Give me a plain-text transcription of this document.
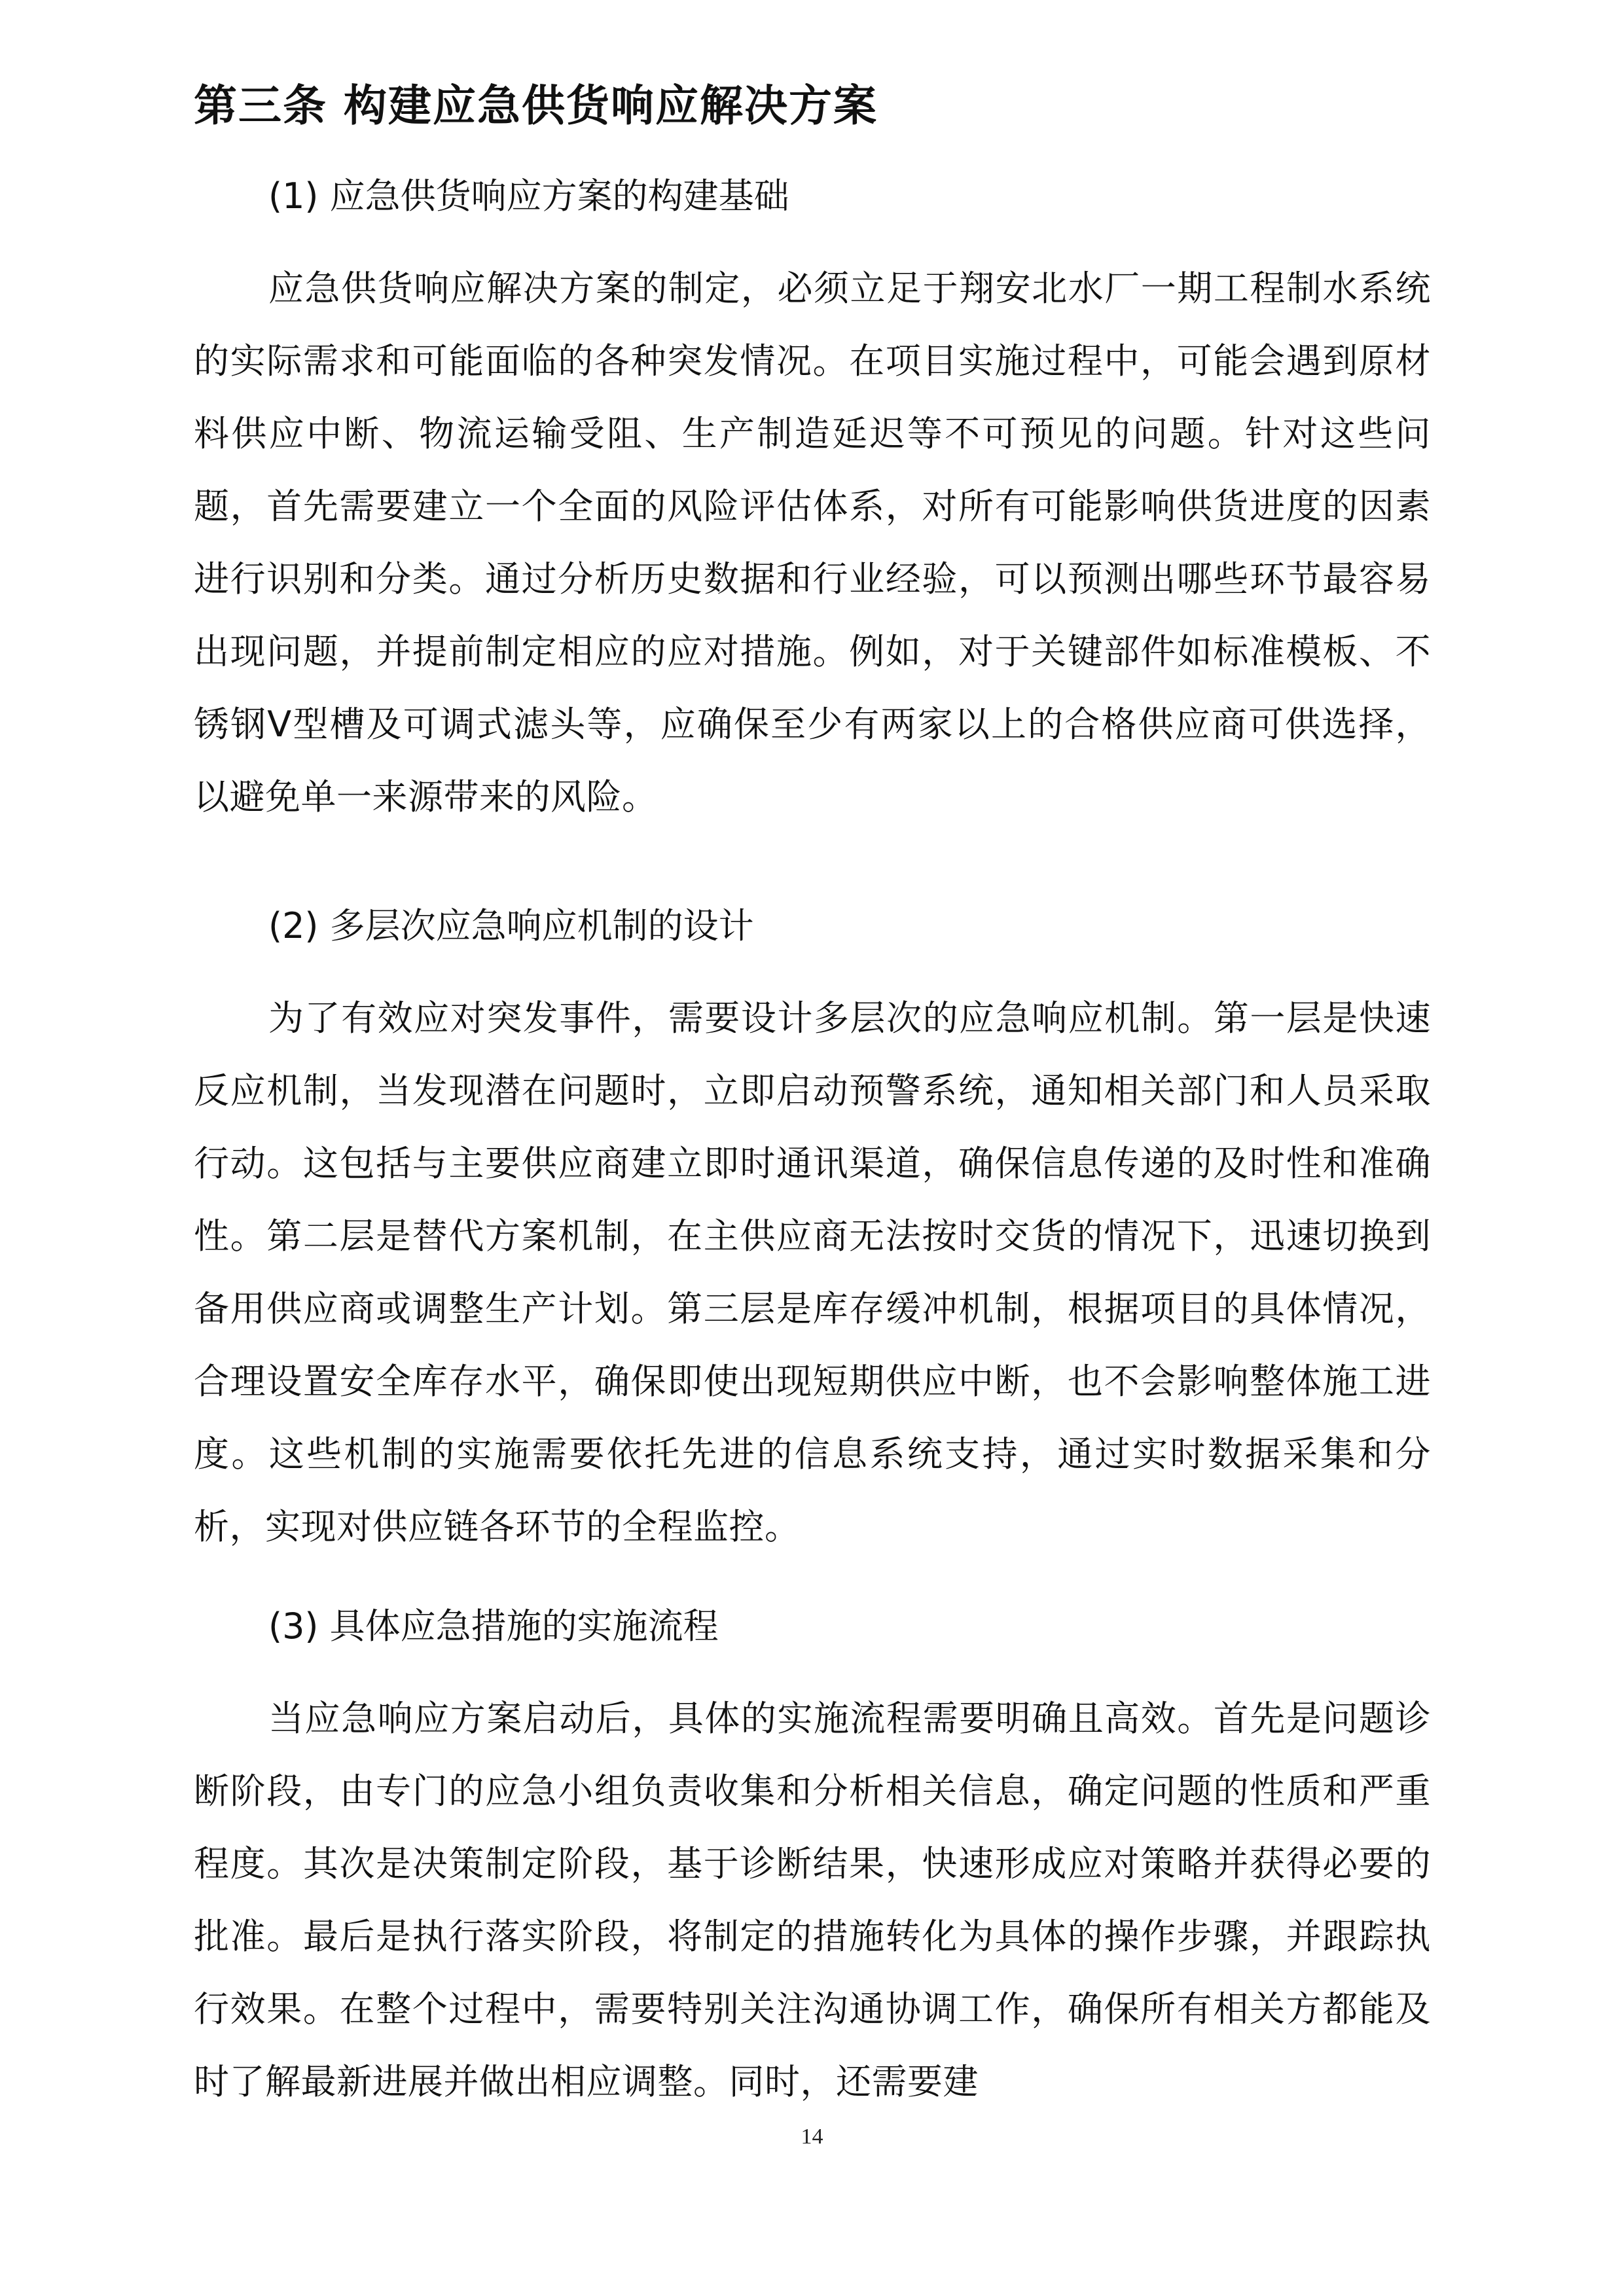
第三条 构建应急供货响应解决方案

(1) 应急供货响应方案的构建基础

应急供货响应解决方案的制定，必须立足于翔安北水厂一期工程制水系统的实际需求和可能面临的各种突发情况。在项目实施过程中，可能会遇到原材料供应中断、物流运输受阻、生产制造延迟等不可预见的问题。针对这些问题，首先需要建立一个全面的风险评估体系，对所有可能影响供货进度的因素进行识别和分类。通过分析历史数据和行业经验，可以预测出哪些环节最容易出现问题，并提前制定相应的应对措施。例如，对于关键部件如标准模板、不锈钢V型槽及可调式滤头等，应确保至少有两家以上的合格供应商可供选择，以避免单一来源带来的风险。

(2) 多层次应急响应机制的设计

为了有效应对突发事件，需要设计多层次的应急响应机制。第一层是快速反应机制，当发现潜在问题时，立即启动预警系统，通知相关部门和人员采取行动。这包括与主要供应商建立即时通讯渠道，确保信息传递的及时性和准确性。第二层是替代方案机制，在主供应商无法按时交货的情况下，迅速切换到备用供应商或调整生产计划。第三层是库存缓冲机制，根据项目的具体情况，合理设置安全库存水平，确保即使出现短期供应中断，也不会影响整体施工进度。这些机制的实施需要依托先进的信息系统支持，通过实时数据采集和分析，实现对供应链各环节的全程监控。

(3) 具体应急措施的实施流程

当应急响应方案启动后，具体的实施流程需要明确且高效。首先是问题诊断阶段，由专门的应急小组负责收集和分析相关信息，确定问题的性质和严重程度。其次是决策制定阶段，基于诊断结果，快速形成应对策略并获得必要的批准。最后是执行落实阶段，将制定的措施转化为具体的操作步骤，并跟踪执行效果。在整个过程中，需要特别关注沟通协调工作，确保所有相关方都能及时了解最新进展并做出相应调整。同时，还需要建

14
